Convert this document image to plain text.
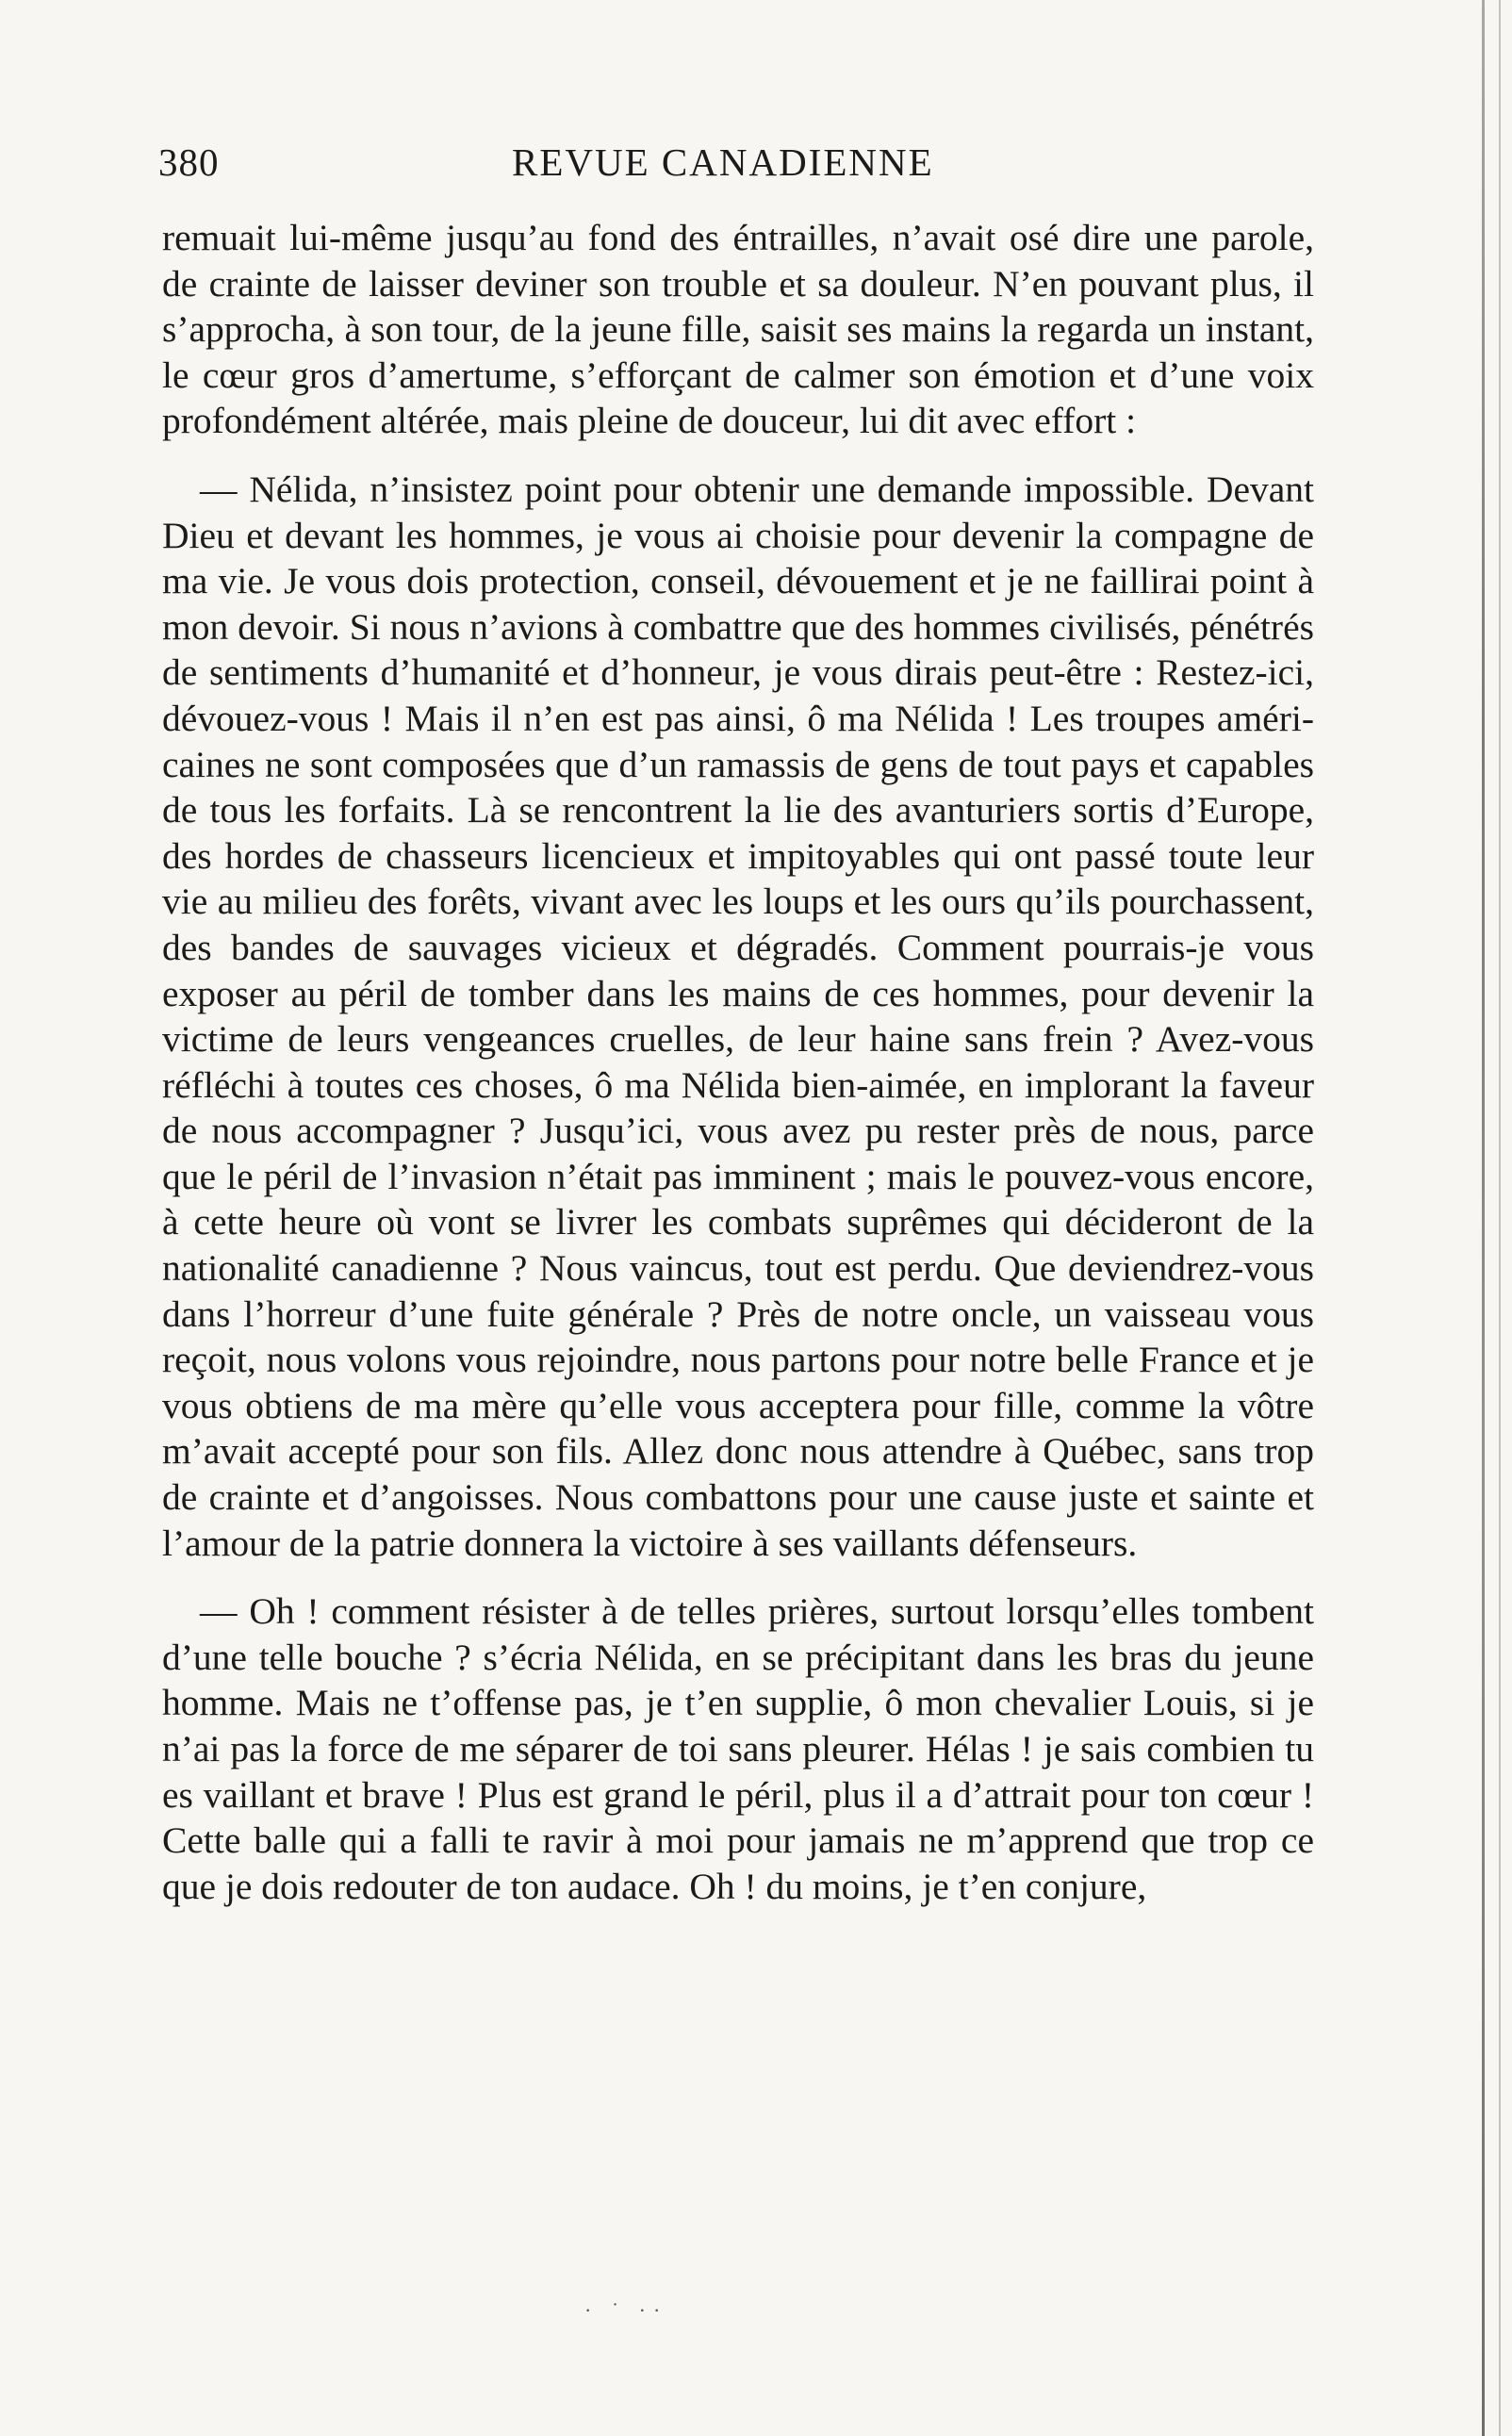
380	REVUE CANADIENNE

remuait lui-même jusqu’au fond des éntrailles, n’avait osé dire une parole, de crainte de laisser deviner son trouble et sa douleur. N’en pouvant plus, il s’approcha, à son tour, de la jeune fille, saisit ses mains la regarda un instant, le cœur gros d’amertume, s’efforçant de calmer son émotion et d’une voix profondément altérée, mais pleine de douceur, lui dit avec effort :

— Nélida, n’insistez point pour obtenir une demande impossible. Devant Dieu et devant les hommes, je vous ai choisie pour devenir la compagne de ma vie. Je vous dois protection, conseil, dévouement et je ne faillirai point à mon devoir. Si nous n’avions à combattre que des hommes civilisés, pénétrés de sentiments d’humanité et d’honneur, je vous dirais peut-être : Restez-ici, dévouez-vous ! Mais il n’en est pas ainsi, ô ma Nélida ! Les troupes américaines ne sont composées que d’un ramassis de gens de tout pays et capables de tous les forfaits. Là se rencontrent la lie des avanturiers sortis d’Europe, des hordes de chasseurs licencieux et impitoyables qui ont passé toute leur vie au milieu des forêts, vivant avec les loups et les ours qu’ils pourchassent, des bandes de sauvages vicieux et dégradés. Comment pourrais-je vous exposer au péril de tomber dans les mains de ces hommes, pour devenir la victime de leurs vengeances cruelles, de leur haine sans frein ? Avez-vous réfléchi à toutes ces choses, ô ma Nélida bien-aimée, en implorant la faveur de nous accompagner ? Jusqu’ici, vous avez pu rester près de nous, parce que le péril de l’invasion n’était pas imminent ; mais le pouvez-vous encore, à cette heure où vont se livrer les combats suprêmes qui décideront de la nationalité canadienne ? Nous vaincus, tout est perdu. Que deviendrez-vous dans l’horreur d’une fuite générale ? Près de notre oncle, un vaisseau vous reçoit, nous volons vous rejoindre, nous partons pour notre belle France et je vous obtiens de ma mère qu’elle vous acceptera pour fille, comme la vôtre m’avait accepté pour son fils. Allez donc nous attendre à Québec, sans trop de crainte et d’angoisses. Nous combattons pour une cause juste et sainte et l’amour de la patrie donnera la victoire à ses vaillants défenseurs.

— Oh ! comment résister à de telles prières, surtout lorsqu’elles tombent d’une telle bouche ? s’écria Nélida, en se précipitant dans les bras du jeune homme. Mais ne t’offense pas, je t’en supplie, ô mon chevalier Louis, si je n’ai pas la force de me séparer de toi sans pleurer. Hélas ! je sais combien tu es vaillant et brave ! Plus est grand le péril, plus il a d’attrait pour ton cœur ! Cette balle qui a falli te ravir à moi pour jamais ne m’apprend que trop ce que je dois redouter de ton audace. Oh ! du moins, je t’en conjure,

· ˙ ··
